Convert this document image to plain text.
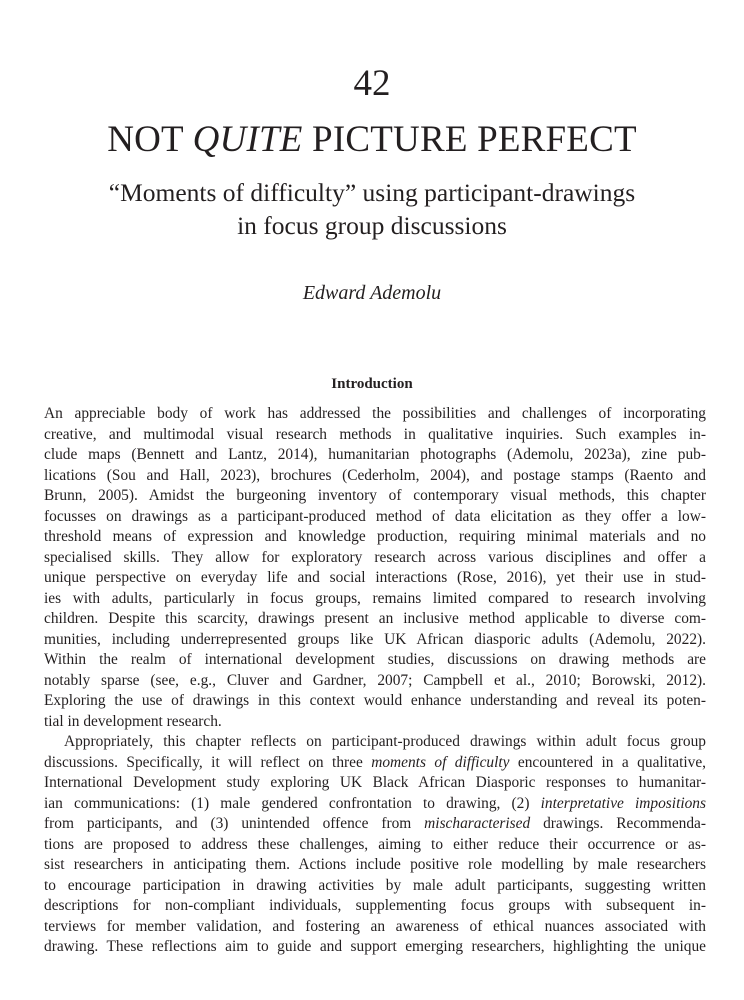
42
NOT QUITE PICTURE PERFECT
“Moments of difficulty” using participant-drawings
in focus group discussions
Edward Ademolu
Introduction
An appreciable body of work has addressed the possibilities and challenges of incorporating
creative, and multimodal visual research methods in qualitative inquiries. Such examples in-
clude maps (Bennett and Lantz, 2014), humanitarian photographs (Ademolu, 2023a), zine pub-
lications (Sou and Hall, 2023), brochures (Cederholm, 2004), and postage stamps (Raento and
Brunn, 2005). Amidst the burgeoning inventory of contemporary visual methods, this chapter
focusses on drawings as a participant-produced method of data elicitation as they offer a low-
threshold means of expression and knowledge production, requiring minimal materials and no
specialised skills. They allow for exploratory research across various disciplines and offer a
unique perspective on everyday life and social interactions (Rose, 2016), yet their use in stud-
ies with adults, particularly in focus groups, remains limited compared to research involving
children. Despite this scarcity, drawings present an inclusive method applicable to diverse com-
munities, including underrepresented groups like UK African diasporic adults (Ademolu, 2022).
Within the realm of international development studies, discussions on drawing methods are
notably sparse (see, e.g., Cluver and Gardner, 2007; Campbell et al., 2010; Borowski, 2012).
Exploring the use of drawings in this context would enhance understanding and reveal its poten-
tial in development research.
Appropriately, this chapter reflects on participant-produced drawings within adult focus group
discussions. Specifically, it will reflect on three moments of difficulty encountered in a qualitative,
International Development study exploring UK Black African Diasporic responses to humanitar-
ian communications: (1) male gendered confrontation to drawing, (2) interpretative impositions
from participants, and (3) unintended offence from mischaracterised drawings. Recommenda-
tions are proposed to address these challenges, aiming to either reduce their occurrence or as-
sist researchers in anticipating them. Actions include positive role modelling by male researchers
to encourage participation in drawing activities by male adult participants, suggesting written
descriptions for non-compliant individuals, supplementing focus groups with subsequent in-
terviews for member validation, and fostering an awareness of ethical nuances associated with
drawing. These reflections aim to guide and support emerging researchers, highlighting the unique
